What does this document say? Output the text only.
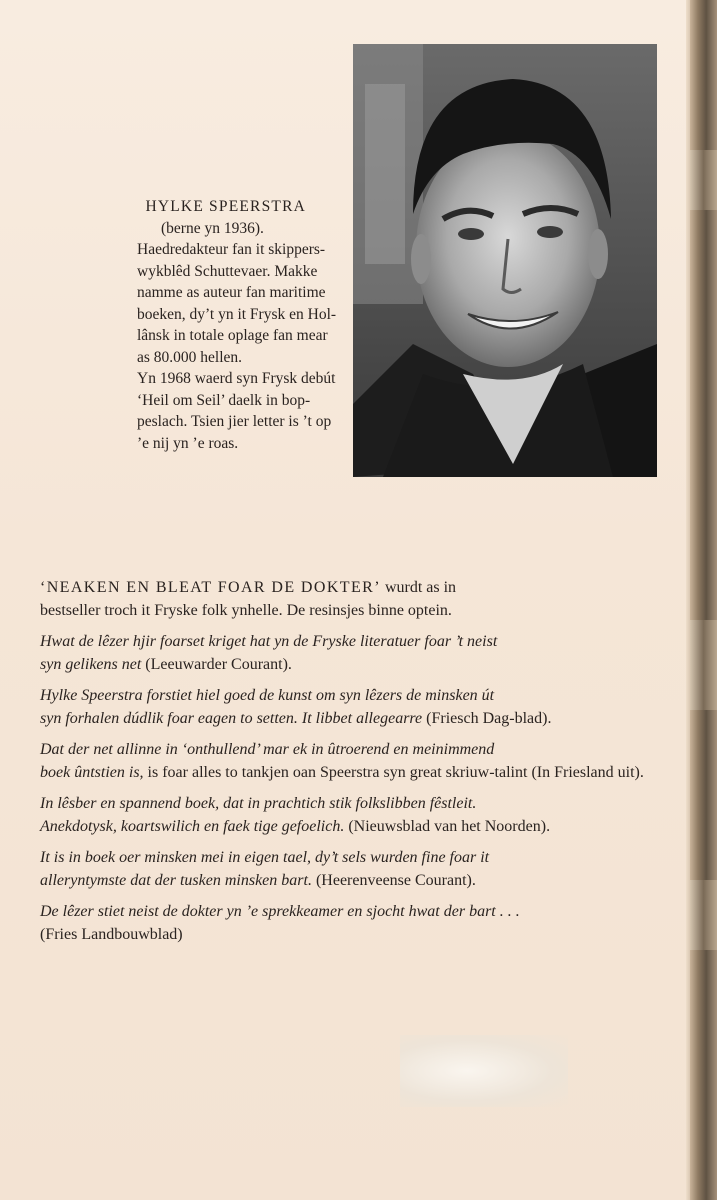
HYLKE SPEERSTRA
(berne yn 1936).
Haedredakteur fan it skippers-
wykblêd Schuttevaer. Makke
namme as auteur fan maritime
boeken, dy’t yn it Frysk en Hol-
lânsk in totale oplage fan mear
as 80.000 hellen.
Yn 1968 waerd syn Frysk debút
‘Heil om Seil’ daelk in bop-
peslach. Tsien jier letter is ’t op
’e nij yn ’e roas.

‘NEAKEN EN BLEAT FOAR DE DOKTER’ wurdt as in
bestseller troch it Fryske folk ynhelle. De resinsjes binne optein.

Hwat de lêzer hjir foarset kriget hat yn de Fryske literatuer foar ’t neist
syn gelikens net (Leeuwarder Courant).

Hylke Speerstra forstiet hiel goed de kunst om syn lêzers de minsken út
syn forhalen dúdlik foar eagen to setten. It libbet allegearre (Friesch Dag-blad).

Dat der net allinne in ‘onthullend’ mar ek in ûtroerend en meinimmend
boek ûntstien is, is foar alles to tankjen oan Speerstra syn great skriuw-talint (In Friesland uit).

In lêsber en spannend boek, dat in prachtich stik folkslibben fêstleit.
Anekdotysk, koartswilich en faek tige gefoelich. (Nieuwsblad van het Noorden).

It is in boek oer minsken mei in eigen tael, dy’t sels wurden fine foar it
alleryntymste dat der tusken minsken bart. (Heerenveense Courant).

De lêzer stiet neist de dokter yn ’e sprekkeamer en sjocht hwat der bart . . .
(Fries Landbouwblad)
